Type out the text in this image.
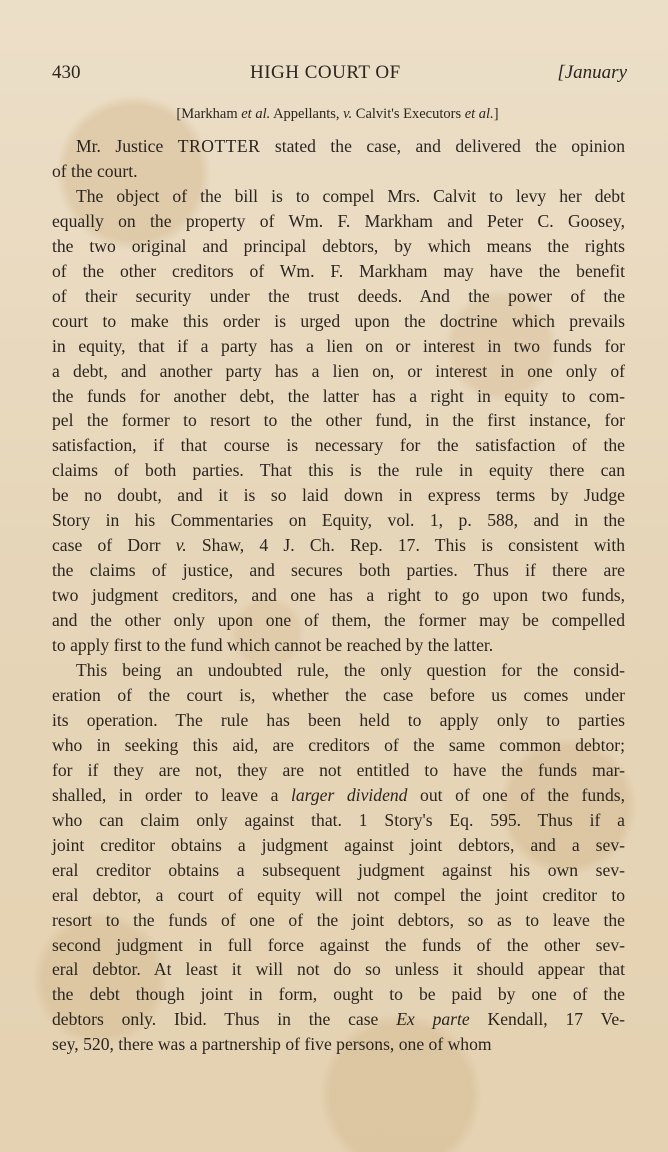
430	HIGH COURT OF	[January
[Markham et al. Appellants, v. Calvit's Executors et al.]

Mr. Justice TROTTER stated the case, and delivered the opinion
of the court.

The object of the bill is to compel Mrs. Calvit to levy her debt
equally on the property of Wm. F. Markham and Peter C. Goosey,
the two original and principal debtors, by which means the rights
of the other creditors of Wm. F. Markham may have the benefit
of their security under the trust deeds. And the power of the
court to make this order is urged upon the doctrine which prevails
in equity, that if a party has a lien on or interest in two funds for
a debt, and another party has a lien on, or interest in one only of
the funds for another debt, the latter has a right in equity to com-
pel the former to resort to the other fund, in the first instance, for
satisfaction, if that course is necessary for the satisfaction of the
claims of both parties. That this is the rule in equity there can
be no doubt, and it is so laid down in express terms by Judge
Story in his Commentaries on Equity, vol. 1, p. 588, and in the
case of Dorr v. Shaw, 4 J. Ch. Rep. 17. This is consistent with
the claims of justice, and secures both parties. Thus if there are
two judgment creditors, and one has a right to go upon two funds,
and the other only upon one of them, the former may be compelled
to apply first to the fund which cannot be reached by the latter.

This being an undoubted rule, the only question for the consid-
eration of the court is, whether the case before us comes under
its operation. The rule has been held to apply only to parties
who in seeking this aid, are creditors of the same common debtor;
for if they are not, they are not entitled to have the funds mar-
shalled, in order to leave a larger dividend out of one of the funds,
who can claim only against that. 1 Story's Eq. 595. Thus if a
joint creditor obtains a judgment against joint debtors, and a sev-
eral creditor obtains a subsequent judgment against his own sev-
eral debtor, a court of equity will not compel the joint creditor to
resort to the funds of one of the joint debtors, so as to leave the
second judgment in full force against the funds of the other sev-
eral debtor. At least it will not do so unless it should appear that
the debt though joint in form, ought to be paid by one of the
debtors only. Ibid. Thus in the case Ex parte Kendall, 17 Ve-
sey, 520, there was a partnership of five persons, one of whom
